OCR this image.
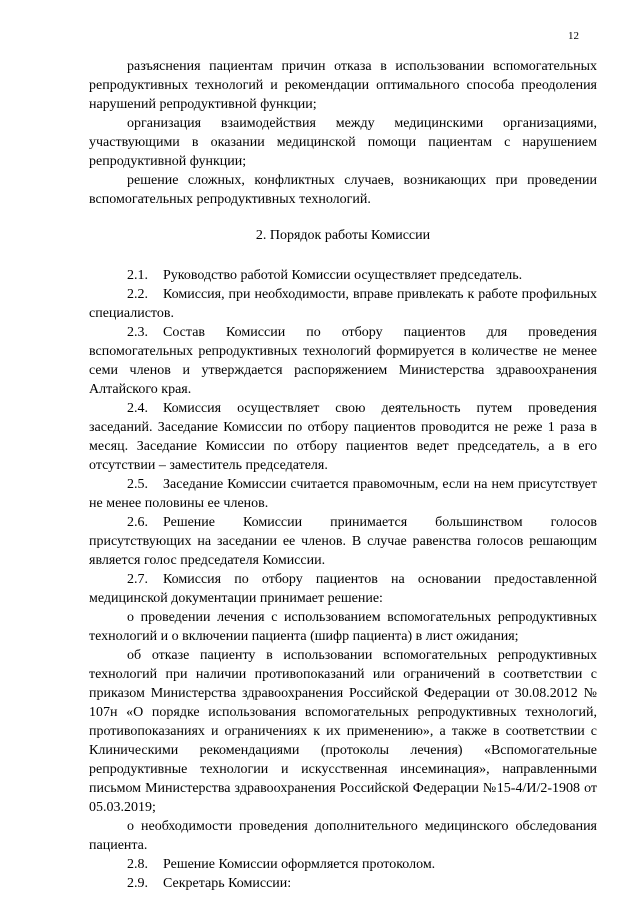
12

разъяснения пациентам причин отказа в использовании вспомогательных репродуктивных технологий и рекомендации оптимального способа преодоления нарушений репродуктивной функции;

организация взаимодействия между медицинскими организациями, участвующими в оказании медицинской помощи пациентам с нарушением репродуктивной функции;

решение сложных, конфликтных случаев, возникающих при проведении вспомогательных репродуктивных технологий.

2. Порядок работы Комиссии

2.1. Руководство работой Комиссии осуществляет председатель.

2.2. Комиссия, при необходимости, вправе привлекать к работе профильных специалистов.

2.3. Состав Комиссии по отбору пациентов для проведения вспомогательных репродуктивных технологий формируется в количестве не менее семи членов и утверждается распоряжением Министерства здравоохранения Алтайского края.

2.4. Комиссия осуществляет свою деятельность путем проведения заседаний. Заседание Комиссии по отбору пациентов проводится не реже 1 раза в месяц. Заседание Комиссии по отбору пациентов ведет председатель, а в его отсутствии – заместитель председателя.

2.5. Заседание Комиссии считается правомочным, если на нем присутствует не менее половины ее членов.

2.6. Решение Комиссии принимается большинством голосов присутствующих на заседании ее членов. В случае равенства голосов решающим является голос председателя Комиссии.

2.7. Комиссия по отбору пациентов на основании предоставленной медицинской документации принимает решение:

о проведении лечения с использованием вспомогательных репродуктивных технологий и о включении пациента (шифр пациента) в лист ожидания;

об отказе пациенту в использовании вспомогательных репродуктивных технологий при наличии противопоказаний или ограничений в соответствии с приказом Министерства здравоохранения Российской Федерации от 30.08.2012 № 107н «О порядке использования вспомогательных репродуктивных технологий, противопоказаниях и ограничениях к их применению», а также в соответствии с Клиническими рекомендациями (протоколы лечения) «Вспомогательные репродуктивные технологии и искусственная инсеминация», направленными письмом Министерства здравоохранения Российской Федерации №15-4/И/2-1908 от 05.03.2019;

о необходимости проведения дополнительного медицинского обследования пациента.

2.8. Решение Комиссии оформляется протоколом.

2.9. Секретарь Комиссии:
